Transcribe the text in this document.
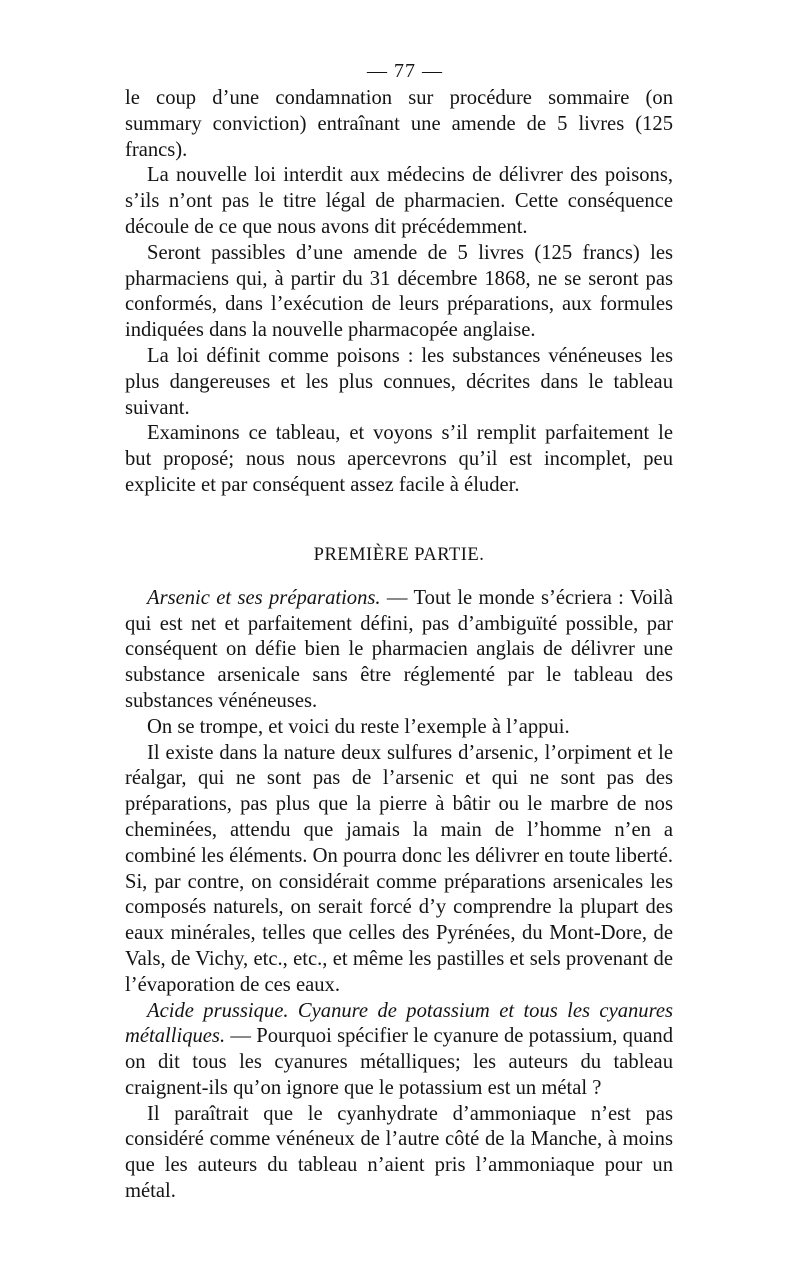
— 77 —

le coup d’une condamnation sur procédure sommaire (on summary conviction) entraînant une amende de 5 livres (125 francs).

La nouvelle loi interdit aux médecins de délivrer des poisons, s’ils n’ont pas le titre légal de pharmacien. Cette conséquence découle de ce que nous avons dit précédemment.

Seront passibles d’une amende de 5 livres (125 francs) les pharmaciens qui, à partir du 31 décembre 1868, ne se seront pas conformés, dans l’exécution de leurs préparations, aux formules indiquées dans la nouvelle pharmacopée anglaise.

La loi définit comme poisons : les substances vénéneuses les plus dangereuses et les plus connues, décrites dans le tableau suivant.

Examinons ce tableau, et voyons s’il remplit parfaitement le but proposé; nous nous apercevrons qu’il est incomplet, peu explicite et par conséquent assez facile à éluder.

PREMIÈRE PARTIE.

Arsenic et ses préparations. — Tout le monde s’écriera : Voilà qui est net et parfaitement défini, pas d’ambiguïté possible, par conséquent on défie bien le pharmacien anglais de délivrer une substance arsenicale sans être réglementé par le tableau des substances vénéneuses.

On se trompe, et voici du reste l’exemple à l’appui.

Il existe dans la nature deux sulfures d’arsenic, l’orpiment et le réalgar, qui ne sont pas de l’arsenic et qui ne sont pas des préparations, pas plus que la pierre à bâtir ou le marbre de nos cheminées, attendu que jamais la main de l’homme n’en a combiné les éléments. On pourra donc les délivrer en toute liberté. Si, par contre, on considérait comme préparations arsenicales les composés naturels, on serait forcé d’y comprendre la plupart des eaux minérales, telles que celles des Pyrénées, du Mont-Dore, de Vals, de Vichy, etc., etc., et même les pastilles et sels provenant de l’évaporation de ces eaux.

Acide prussique. Cyanure de potassium et tous les cyanures métalliques. — Pourquoi spécifier le cyanure de potassium, quand on dit tous les cyanures métalliques; les auteurs du tableau craignent-ils qu’on ignore que le potassium est un métal ?

Il paraîtrait que le cyanhydrate d’ammoniaque n’est pas considéré comme vénéneux de l’autre côté de la Manche, à moins que les auteurs du tableau n’aient pris l’ammoniaque pour un métal.
